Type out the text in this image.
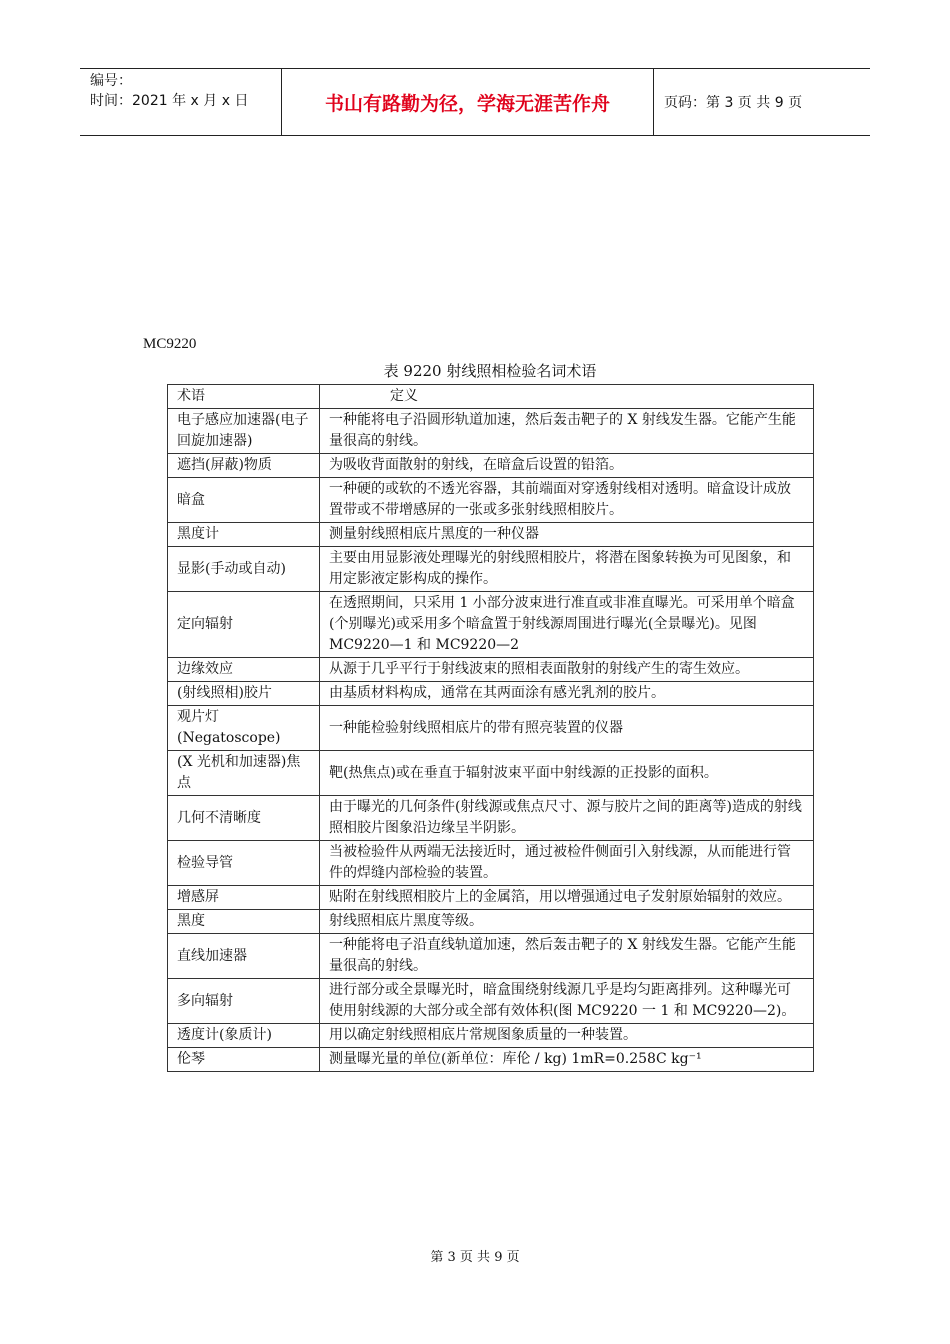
编号：
时间：2021 年 x 月 x 日	书山有路勤为径，学海无涯苦作舟	页码：第 3 页 共 9 页
MC9220
表 9220 射线照相检验名词术语
术语	定义
电子感应加速器(电子回旋加速器)	一种能将电子沿圆形轨道加速，然后轰击靶子的 X 射线发生器。它能产生能量很高的射线。
遮挡(屏蔽)物质	为吸收背面散射的射线，在暗盒后设置的铅箔。
暗盒	一种硬的或软的不透光容器，其前端面对穿透射线相对透明。暗盒设计成放置带或不带增感屏的一张或多张射线照相胶片。
黑度计	测量射线照相底片黑度的一种仪器
显影(手动或自动)	主要由用显影液处理曝光的射线照相胶片，将潜在图象转换为可见图象，和用定影液定影构成的操作。
定向辐射	在透照期间，只采用 1 小部分波束进行准直或非准直曝光。可采用单个暗盒(个别曝光)或采用多个暗盒置于射线源周围进行曝光(全景曝光)。见图 MC9220—1 和 MC9220—2
边缘效应	从源于几乎平行于射线波束的照相表面散射的射线产生的寄生效应。
(射线照相)胶片	由基质材料构成，通常在其两面涂有感光乳剂的胶片。
观片灯(Negatoscope)	一种能检验射线照相底片的带有照亮装置的仪器
(X 光机和加速器)焦点	靶(热焦点)或在垂直于辐射波束平面中射线源的正投影的面积。
几何不清晰度	由于曝光的几何条件(射线源或焦点尺寸、源与胶片之间的距离等)造成的射线照相胶片图象沿边缘呈半阴影。
检验导管	当被检验件从两端无法接近时，通过被检件侧面引入射线源，从而能进行管件的焊缝内部检验的装置。
增感屏	贴附在射线照相胶片上的金属箔，用以增强通过电子发射原始辐射的效应。
黑度	射线照相底片黑度等级。
直线加速器	一种能将电子沿直线轨道加速，然后轰击靶子的 X 射线发生器。它能产生能量很高的射线。
多向辐射	进行部分或全景曝光时，暗盒围绕射线源几乎是均匀距离排列。这种曝光可使用射线源的大部分或全部有效体积(图 MC9220 一 1 和 MC9220—2)。
透度计(象质计)	用以确定射线照相底片常规图象质量的一种装置。
伦琴	测量曝光量的单位(新单位：库伦 / kg) 1mR=0.258C kg⁻¹
第 3 页 共 9 页
